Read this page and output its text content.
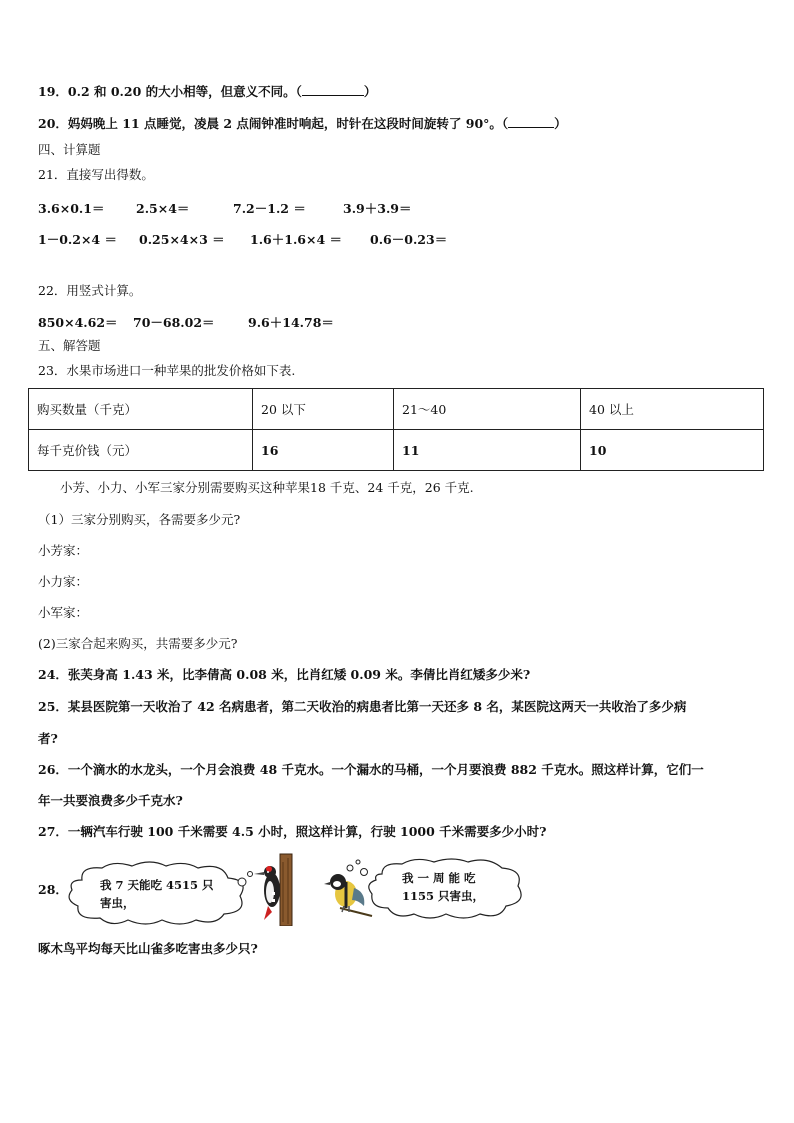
19．0.2 和 0.20 的大小相等，但意义不同。（	）
20．妈妈晚上 11 点睡觉，凌晨 2 点闹钟准时响起，时针在这段时间旋转了 90°。（	）
四、计算题
21．直接写出得数。
3.6×0.1＝	2.5×4＝	7.2－1.2 ＝	3.9＋3.9＝
1－0.2×4 ＝ 0.25×4×3 ＝ 1.6＋1.6×4 ＝ 0.6－0.23＝
22．用竖式计算。
850×4.62＝ 70－68.02＝	9.6＋14.78＝
五、解答题
23．水果市场进口一种苹果的批发价格如下表.
购买数量（千克）	20 以下	21～40	40 以上
每千克价钱（元）	16	11	10
小芳、小力、小军三家分别需要购买这种苹果18 千克、24 千克，26 千克.
（1）三家分别购买，各需要多少元?
小芳家：
小力家：
小军家：
(2)三家合起来购买，共需要多少元?
24．张芙身高 1.43 米，比李倩高 0.08 米，比肖红矮 0.09 米。李倩比肖红矮多少米?
25．某县医院第一天收治了 42 名病患者，第二天收治的病患者比第一天还多 8 名，某医院这两天一共收治了多少病
者?
26．一个滴水的水龙头，一个月会浪费 48 千克水。一个漏水的马桶，一个月要浪费 882 千克水。照这样计算，它们一
年一共要浪费多少千克水?
27．一辆汽车行驶 100 千米需要 4.5 小时，照这样计算，行驶 1000 千米需要多少小时?
28．	我 7 天能吃 4515 只
害虫，
我 一 周 能 吃
1155 只害虫，
啄木鸟平均每天比山雀多吃害虫多少只?
